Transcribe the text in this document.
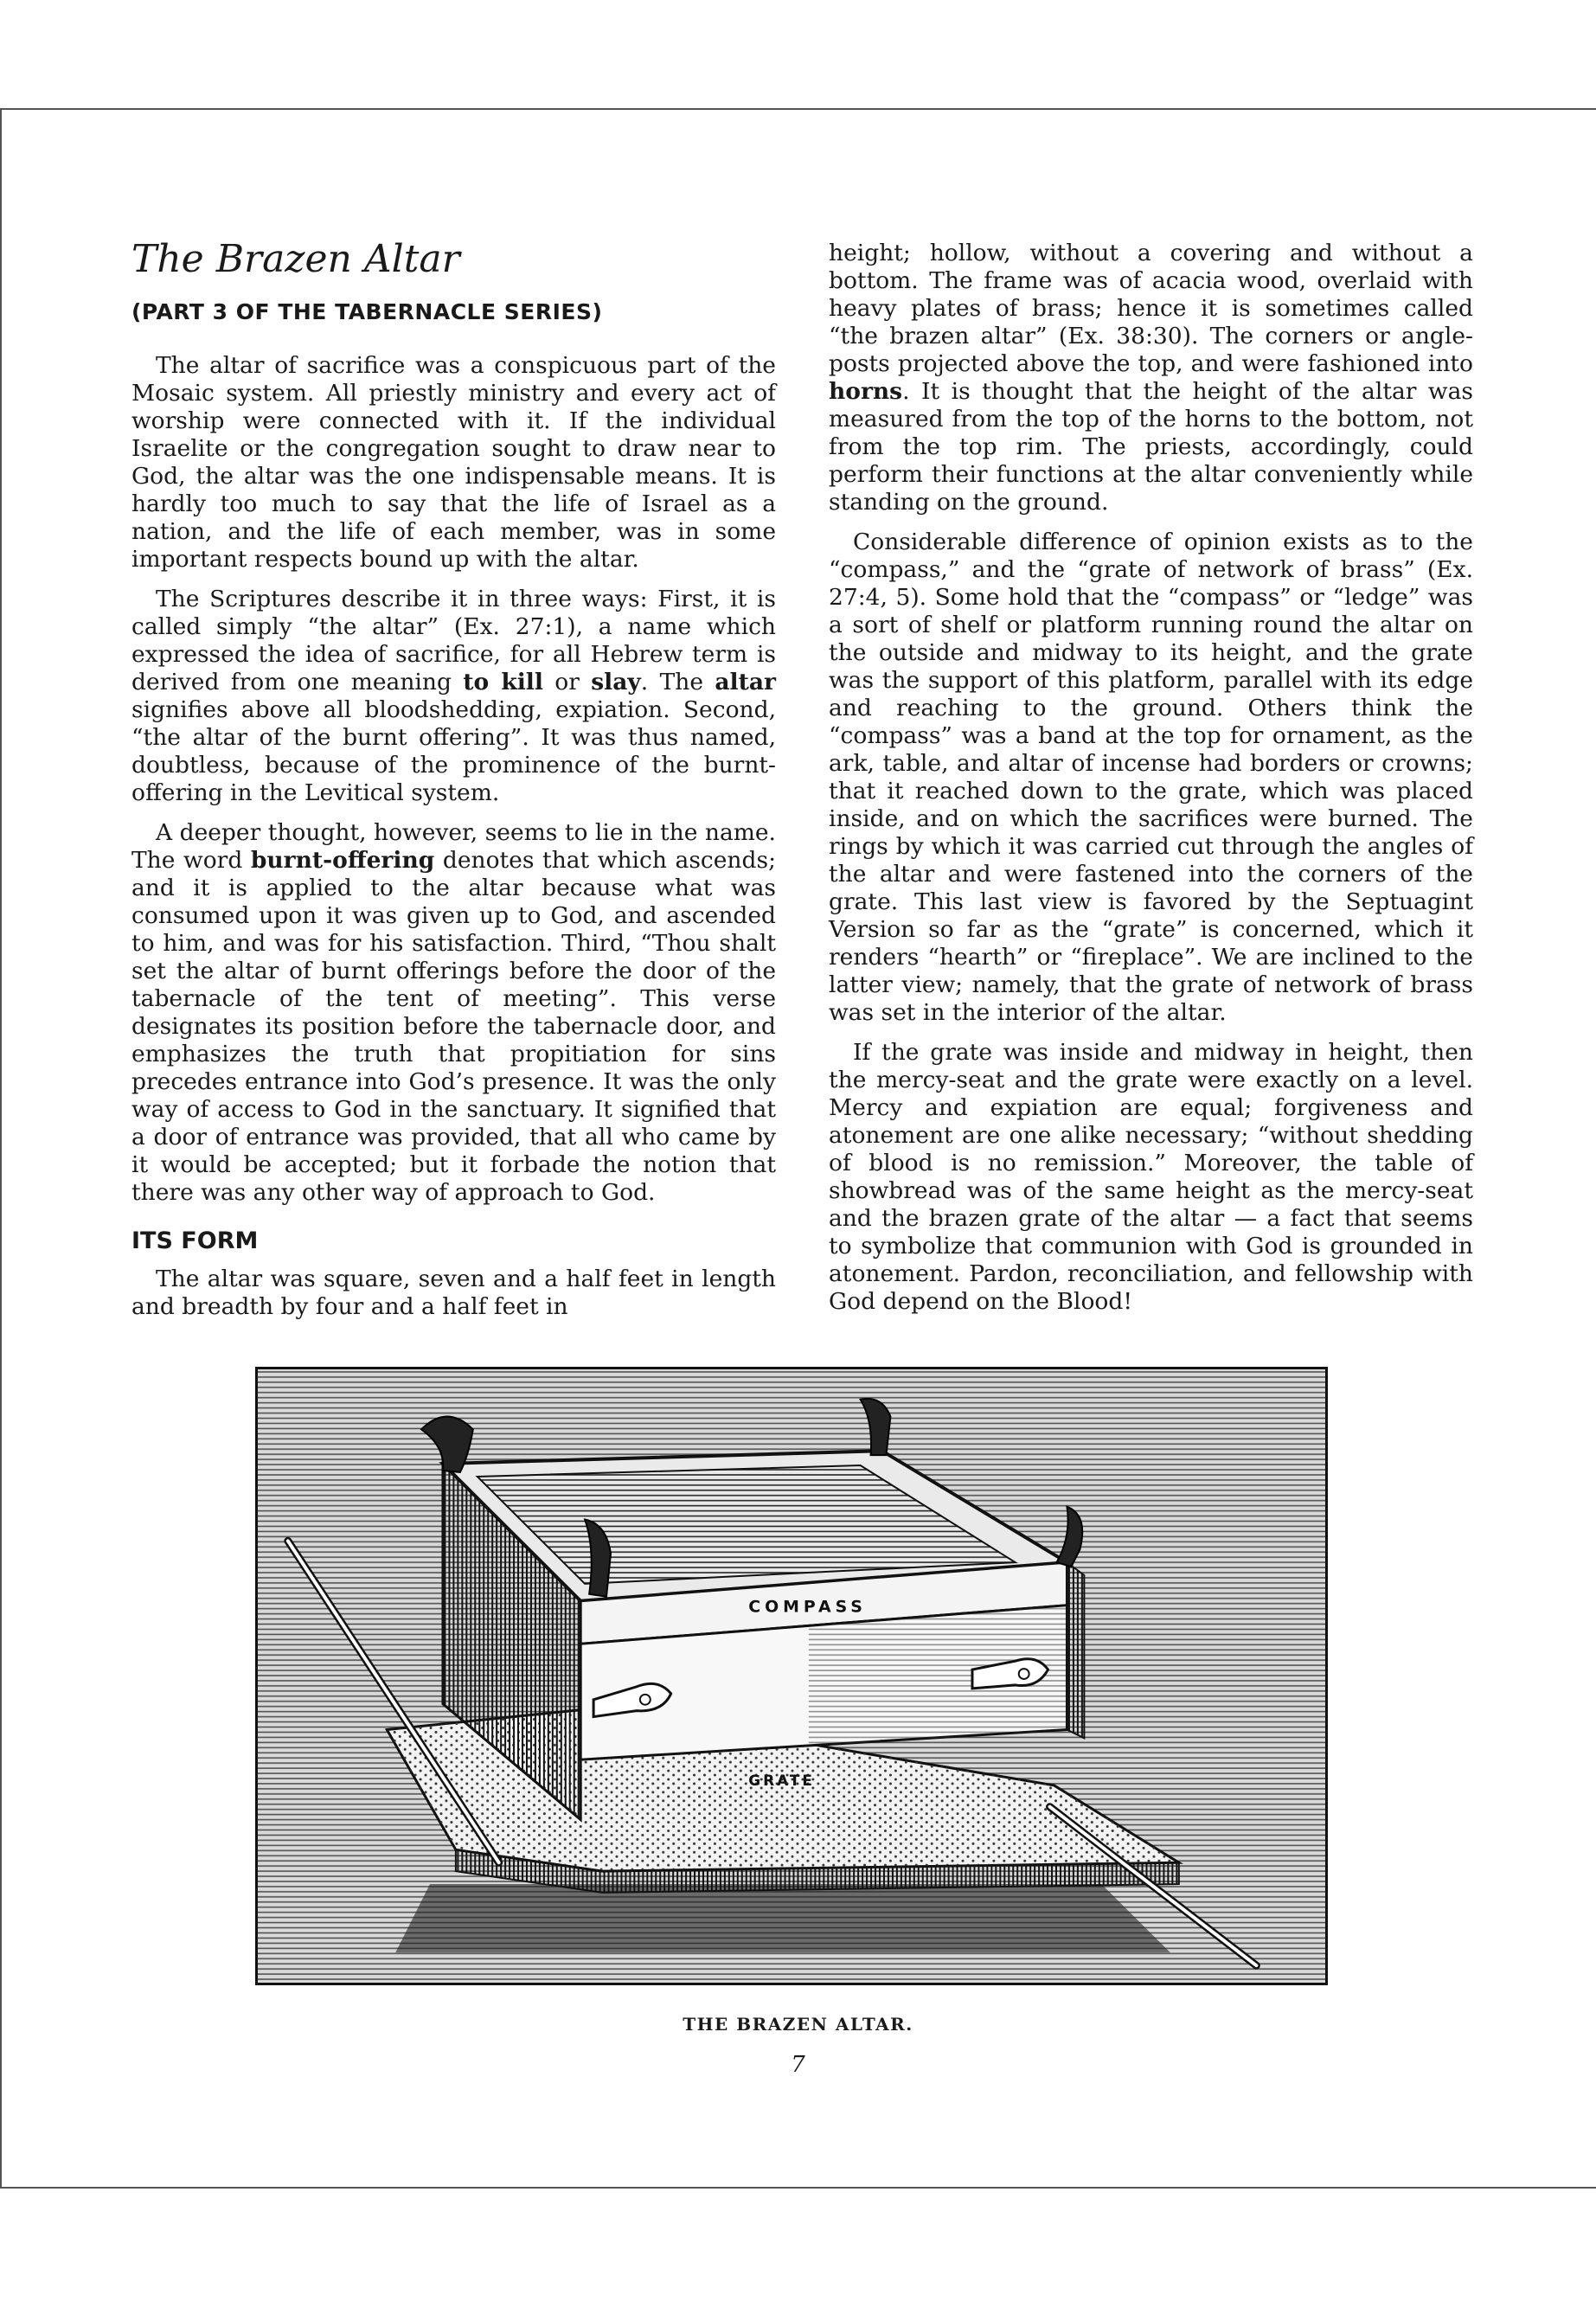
The Brazen Altar
(PART 3 OF THE TABERNACLE SERIES)

The altar of sacrifice was a conspicuous part of the Mosaic system. All priestly ministry and every act of worship were connected with it. If the individual Israelite or the congregation sought to draw near to God, the altar was the one indispensable means. It is hardly too much to say that the life of Israel as a nation, and the life of each member, was in some important respects bound up with the altar.

The Scriptures describe it in three ways: First, it is called simply “the altar” (Ex. 27:1), a name which expressed the idea of sacrifice, for all Hebrew term is derived from one meaning to kill or slay. The altar signifies above all bloodshedding, expiation. Second, “the altar of the burnt offering”. It was thus named, doubtless, because of the prominence of the burnt-offering in the Levitical system.

A deeper thought, however, seems to lie in the name. The word burnt-offering denotes that which ascends; and it is applied to the altar because what was consumed upon it was given up to God, and ascended to him, and was for his satisfaction. Third, “Thou shalt set the altar of burnt offerings before the door of the tabernacle of the tent of meeting”. This verse designates its position before the tabernacle door, and emphasizes the truth that propitiation for sins precedes entrance into God’s presence. It was the only way of access to God in the sanctuary. It signified that a door of entrance was provided, that all who came by it would be accepted; but it forbade the notion that there was any other way of approach to God.

ITS FORM

The altar was square, seven and a half feet in length and breadth by four and a half feet in

height; hollow, without a covering and without a bottom. The frame was of acacia wood, overlaid with heavy plates of brass; hence it is sometimes called “the brazen altar” (Ex. 38:30). The corners or angle-posts projected above the top, and were fashioned into horns. It is thought that the height of the altar was measured from the top of the horns to the bottom, not from the top rim. The priests, accordingly, could perform their functions at the altar conveniently while standing on the ground.

Considerable difference of opinion exists as to the “compass,” and the “grate of network of brass” (Ex. 27:4, 5). Some hold that the “compass” or “ledge” was a sort of shelf or platform running round the altar on the outside and midway to its height, and the grate was the support of this platform, parallel with its edge and reaching to the ground. Others think the “compass” was a band at the top for ornament, as the ark, table, and altar of incense had borders or crowns; that it reached down to the grate, which was placed inside, and on which the sacrifices were burned. The rings by which it was carried cut through the angles of the altar and were fastened into the corners of the grate. This last view is favored by the Septuagint Version so far as the “grate” is concerned, which it renders “hearth” or “fireplace”. We are inclined to the latter view; namely, that the grate of network of brass was set in the interior of the altar.

If the grate was inside and midway in height, then the mercy-seat and the grate were exactly on a level. Mercy and expiation are equal; forgiveness and atonement are one alike necessary; “without shedding of blood is no remission.” Moreover, the table of showbread was of the same height as the mercy-seat and the brazen grate of the altar — a fact that seems to symbolize that communion with God is grounded in atonement. Pardon, reconciliation, and fellowship with God depend on the Blood!

COMPASS
GRATE
THE BRAZEN ALTAR.
7
